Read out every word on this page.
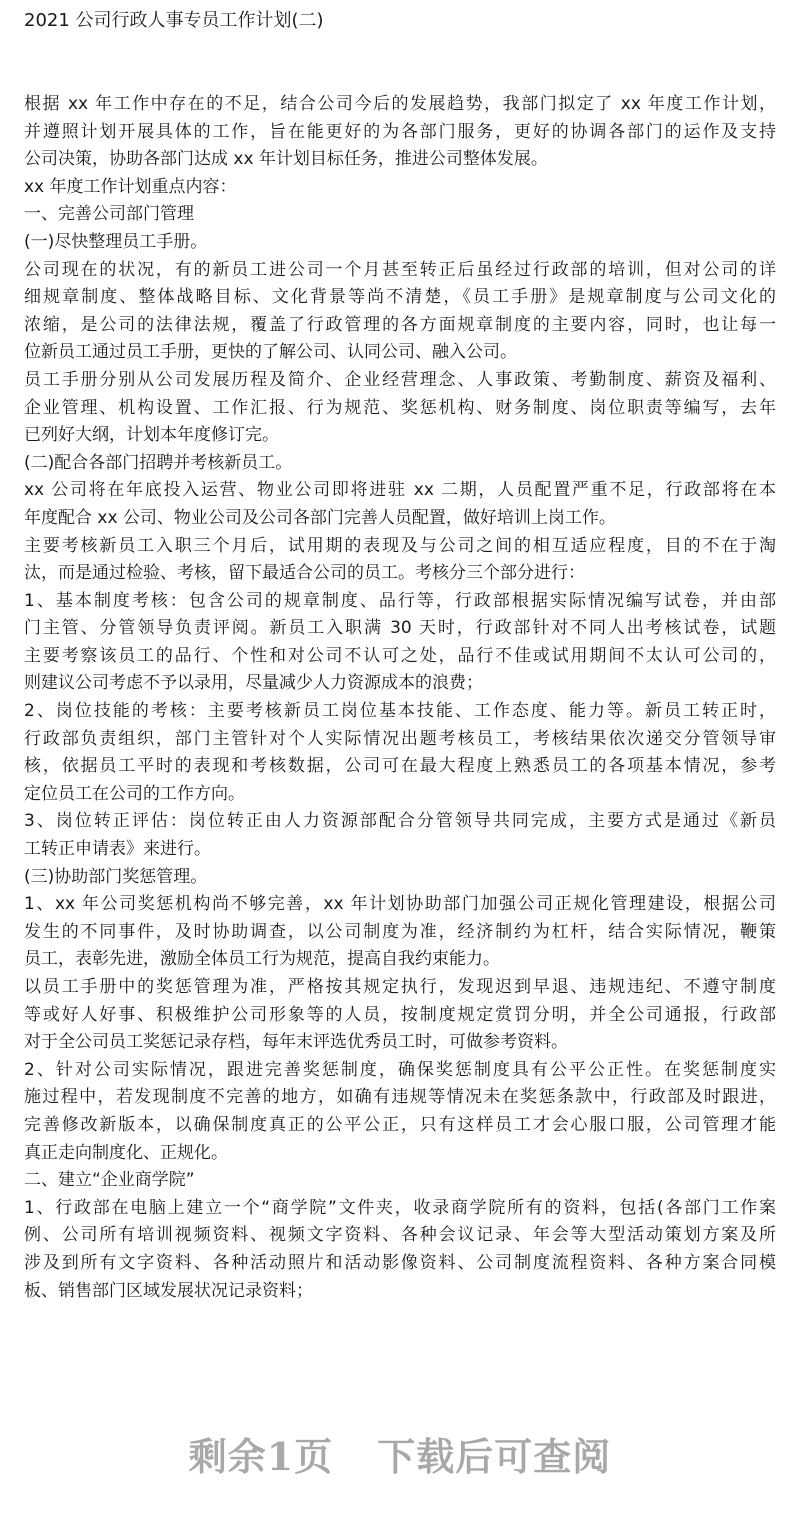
2021 公司行政人事专员工作计划(二)
根据 xx 年工作中存在的不足，结合公司今后的发展趋势，我部门拟定了 xx 年度工作计划，
并遵照计划开展具体的工作，旨在能更好的为各部门服务，更好的协调各部门的运作及支持
公司决策，协助各部门达成 xx 年计划目标任务，推进公司整体发展。
xx 年度工作计划重点内容：
一、完善公司部门管理
(一)尽快整理员工手册。
公司现在的状况，有的新员工进公司一个月甚至转正后虽经过行政部的培训，但对公司的详
细规章制度、整体战略目标、文化背景等尚不清楚，《员工手册》是规章制度与公司文化的
浓缩，是公司的法律法规，覆盖了行政管理的各方面规章制度的主要内容，同时，也让每一
位新员工通过员工手册，更快的了解公司、认同公司、融入公司。
员工手册分别从公司发展历程及简介、企业经营理念、人事政策、考勤制度、薪资及福利、
企业管理、机构设置、工作汇报、行为规范、奖惩机构、财务制度、岗位职责等编写，去年
已列好大纲，计划本年度修订完。
(二)配合各部门招聘并考核新员工。
xx 公司将在年底投入运营、物业公司即将进驻 xx 二期，人员配置严重不足，行政部将在本
年度配合 xx 公司、物业公司及公司各部门完善人员配置，做好培训上岗工作。
主要考核新员工入职三个月后，试用期的表现及与公司之间的相互适应程度，目的不在于淘
汰，而是通过检验、考核，留下最适合公司的员工。考核分三个部分进行：
1、基本制度考核：包含公司的规章制度、品行等，行政部根据实际情况编写试卷，并由部
门主管、分管领导负责评阅。新员工入职满 30 天时，行政部针对不同人出考核试卷，试题
主要考察该员工的品行、个性和对公司不认可之处，品行不佳或试用期间不太认可公司的，
则建议公司考虑不予以录用，尽量减少人力资源成本的浪费；
2、岗位技能的考核：主要考核新员工岗位基本技能、工作态度、能力等。新员工转正时，
行政部负责组织，部门主管针对个人实际情况出题考核员工，考核结果依次递交分管领导审
核，依据员工平时的表现和考核数据，公司可在最大程度上熟悉员工的各项基本情况，参考
定位员工在公司的工作方向。
3、岗位转正评估：岗位转正由人力资源部配合分管领导共同完成，主要方式是通过《新员
工转正申请表》来进行。
(三)协助部门奖惩管理。
1、xx 年公司奖惩机构尚不够完善，xx 年计划协助部门加强公司正规化管理建设，根据公司
发生的不同事件，及时协助调查，以公司制度为准，经济制约为杠杆，结合实际情况，鞭策
员工，表彰先进，激励全体员工行为规范，提高自我约束能力。
以员工手册中的奖惩管理为准，严格按其规定执行，发现迟到早退、违规违纪、不遵守制度
等或好人好事、积极维护公司形象等的人员，按制度规定赏罚分明，并全公司通报，行政部
对于全公司员工奖惩记录存档，每年末评选优秀员工时，可做参考资料。
2、针对公司实际情况，跟进完善奖惩制度，确保奖惩制度具有公平公正性。在奖惩制度实
施过程中，若发现制度不完善的地方，如确有违规等情况未在奖惩条款中，行政部及时跟进，
完善修改新版本，以确保制度真正的公平公正，只有这样员工才会心服口服，公司管理才能
真正走向制度化、正规化。
二、建立“企业商学院”
1、行政部在电脑上建立一个“商学院”文件夹，收录商学院所有的资料，包括(各部门工作案
例、公司所有培训视频资料、视频文字资料、各种会议记录、年会等大型活动策划方案及所
涉及到所有文字资料、各种活动照片和活动影像资料、公司制度流程资料、各种方案合同模
板、销售部门区域发展状况记录资料；
剩余1页 下载后可查阅
